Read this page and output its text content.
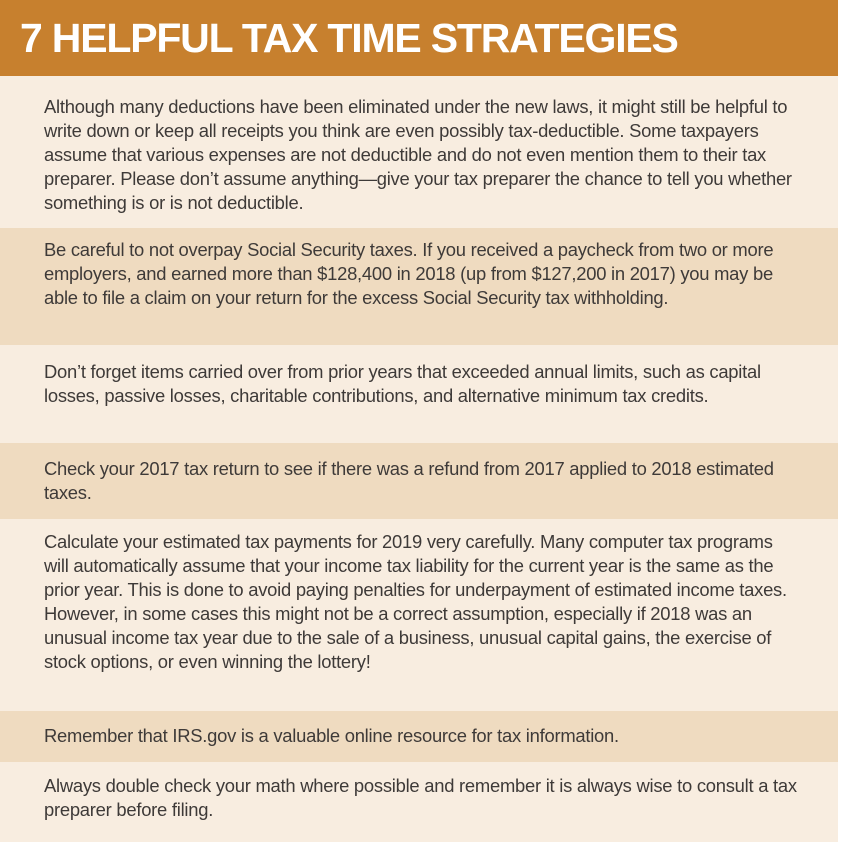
7 HELPFUL TAX TIME STRATEGIES

Although many deductions have been eliminated under the new laws, it might still be helpful to write down or keep all receipts you think are even possibly tax-deductible. Some taxpayers assume that various expenses are not deductible and do not even mention them to their tax preparer. Please don’t assume anything—give your tax preparer the chance to tell you whether something is or is not deductible.

Be careful to not overpay Social Security taxes. If you received a paycheck from two or more employers, and earned more than $128,400 in 2018 (up from $127,200 in 2017) you may be able to file a claim on your return for the excess Social Security tax withholding.

Don’t forget items carried over from prior years that exceeded annual limits, such as capital losses, passive losses, charitable contributions, and alternative minimum tax credits.

Check your 2017 tax return to see if there was a refund from 2017 applied to 2018 estimated taxes.

Calculate your estimated tax payments for 2019 very carefully. Many computer tax programs will automatically assume that your income tax liability for the current year is the same as the prior year. This is done to avoid paying penalties for underpayment of estimated income taxes. However, in some cases this might not be a correct assumption, especially if 2018 was an unusual income tax year due to the sale of a business, unusual capital gains, the exercise of stock options, or even winning the lottery!

Remember that IRS.gov is a valuable online resource for tax information.

Always double check your math where possible and remember it is always wise to consult a tax preparer before filing.
